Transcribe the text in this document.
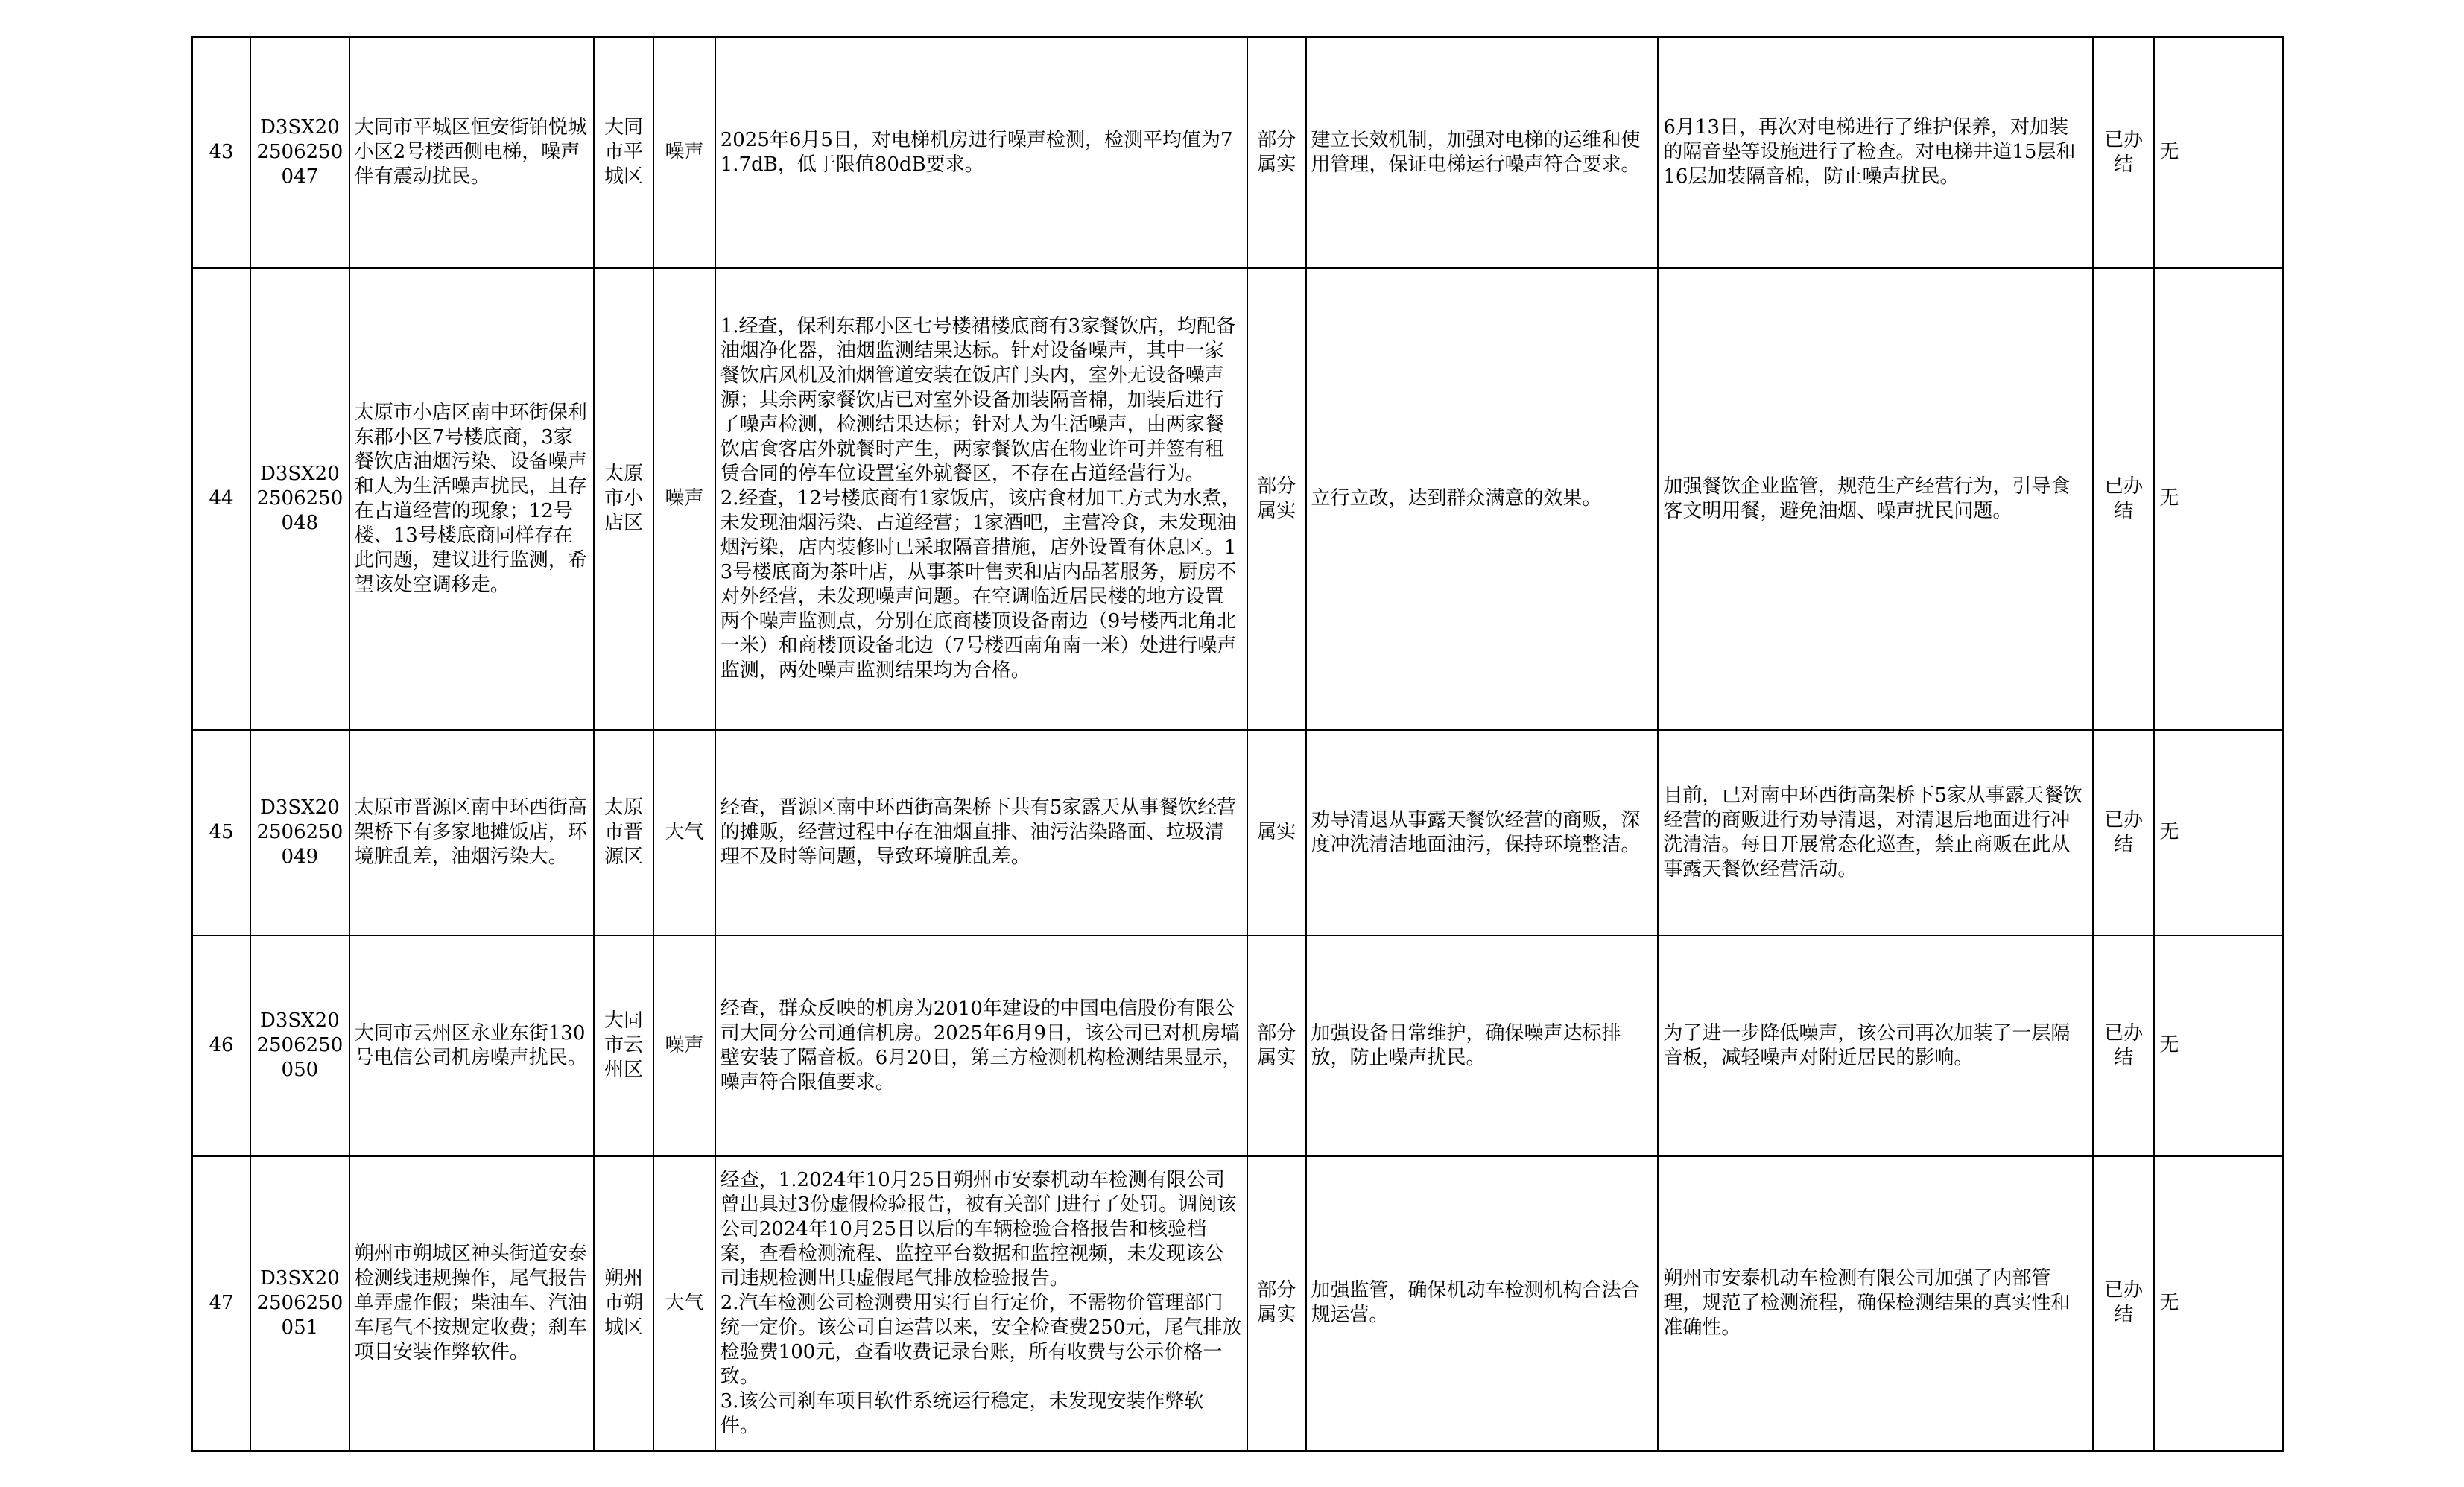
43	D3SX202506250047	大同市平城区恒安街铂悦城小区2号楼西侧电梯，噪声伴有震动扰民。	大同市平城区	噪声	2025年6月5日，对电梯机房进行噪声检测，检测平均值为71.7dB，低于限值80dB要求。	部分属实	建立长效机制，加强对电梯的运维和使用管理，保证电梯运行噪声符合要求。	6月13日，再次对电梯进行了维护保养，对加装的隔音垫等设施进行了检查。对电梯井道15层和16层加装隔音棉，防止噪声扰民。	已办结	无
44	D3SX202506250048	太原市小店区南中环街保利东郡小区7号楼底商，3家餐饮店油烟污染、设备噪声和人为生活噪声扰民，且存在占道经营的现象；12号楼、13号楼底商同样存在此问题，建议进行监测，希望该处空调移走。	太原市小店区	噪声	1.经查，保利东郡小区七号楼裙楼底商有3家餐饮店，均配备油烟净化器，油烟监测结果达标。针对设备噪声，其中一家餐饮店风机及油烟管道安装在饭店门头内，室外无设备噪声源；其余两家餐饮店已对室外设备加装隔音棉，加装后进行了噪声检测，检测结果达标；针对人为生活噪声，由两家餐饮店食客店外就餐时产生，两家餐饮店在物业许可并签有租赁合同的停车位设置室外就餐区，不存在占道经营行为。
2.经查，12号楼底商有1家饭店，该店食材加工方式为水煮，未发现油烟污染、占道经营；1家酒吧，主营冷食，未发现油烟污染，店内装修时已采取隔音措施，店外设置有休息区。13号楼底商为茶叶店，从事茶叶售卖和店内品茗服务，厨房不对外经营，未发现噪声问题。在空调临近居民楼的地方设置两个噪声监测点，分别在底商楼顶设备南边（9号楼西北角北一米）和商楼顶设备北边（7号楼西南角南一米）处进行噪声监测，两处噪声监测结果均为合格。	部分属实	立行立改，达到群众满意的效果。	加强餐饮企业监管，规范生产经营行为，引导食客文明用餐，避免油烟、噪声扰民问题。	已办结	无
45	D3SX202506250049	太原市晋源区南中环西街高架桥下有多家地摊饭店，环境脏乱差，油烟污染大。	太原市晋源区	大气	经查，晋源区南中环西街高架桥下共有5家露天从事餐饮经营的摊贩，经营过程中存在油烟直排、油污沾染路面、垃圾清理不及时等问题，导致环境脏乱差。	属实	劝导清退从事露天餐饮经营的商贩，深度冲洗清洁地面油污，保持环境整洁。	目前，已对南中环西街高架桥下5家从事露天餐饮经营的商贩进行劝导清退，对清退后地面进行冲洗清洁。每日开展常态化巡查，禁止商贩在此从事露天餐饮经营活动。	已办结	无
46	D3SX202506250050	大同市云州区永业东街130号电信公司机房噪声扰民。	大同市云州区	噪声	经查，群众反映的机房为2010年建设的中国电信股份有限公司大同分公司通信机房。2025年6月9日，该公司已对机房墙壁安装了隔音板。6月20日，第三方检测机构检测结果显示，噪声符合限值要求。	部分属实	加强设备日常维护，确保噪声达标排放，防止噪声扰民。	为了进一步降低噪声，该公司再次加装了一层隔音板，减轻噪声对附近居民的影响。	已办结	无
47	D3SX202506250051	朔州市朔城区神头街道安泰检测线违规操作，尾气报告单弄虚作假；柴油车、汽油车尾气不按规定收费；刹车项目安装作弊软件。	朔州市朔城区	大气	经查，1.2024年10月25日朔州市安泰机动车检测有限公司曾出具过3份虚假检验报告，被有关部门进行了处罚。调阅该公司2024年10月25日以后的车辆检验合格报告和核验档案，查看检测流程、监控平台数据和监控视频，未发现该公司违规检测出具虚假尾气排放检验报告。
2.汽车检测公司检测费用实行自行定价，不需物价管理部门统一定价。该公司自运营以来，安全检查费250元，尾气排放检验费100元，查看收费记录台账，所有收费与公示价格一致。
3.该公司刹车项目软件系统运行稳定，未发现安装作弊软件。	部分属实	加强监管，确保机动车检测机构合法合规运营。	朔州市安泰机动车检测有限公司加强了内部管理，规范了检测流程，确保检测结果的真实性和准确性。	已办结	无
